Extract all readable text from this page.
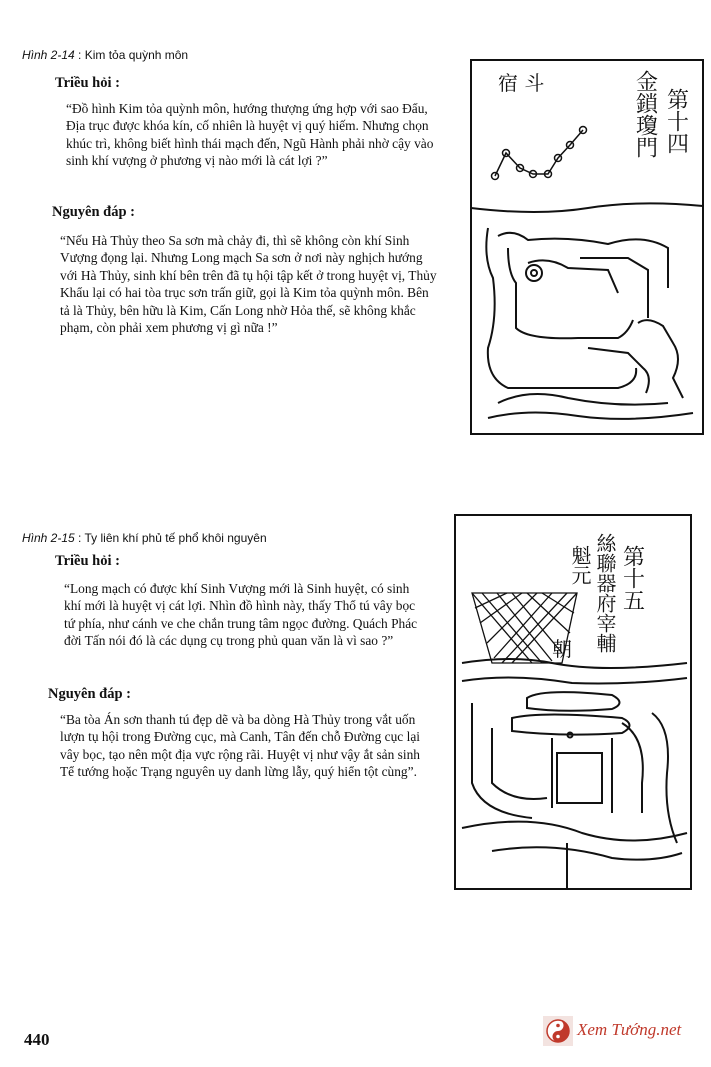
Hình 2-14 : Kim tỏa quỳnh môn
Triều hỏi :
“Đồ hình Kim tỏa quỳnh môn, hướng thượng ứng hợp với sao Đẩu, Địa trục được khóa kín, cố nhiên là huyệt vị quý hiếm. Nhưng chọn khúc trì, không biết hình thái mạch đến, Ngũ Hành phải nhờ cậy vào sinh khí vượng ở phương vị nào mới là cát lợi ?”
Nguyên đáp :
“Nếu Hà Thủy theo Sa sơn mà chảy đi, thì sẽ không còn khí Sinh Vượng đọng lại. Nhưng Long mạch Sa sơn ở nơi này nghịch hướng với Hà Thủy, sinh khí bên trên đã tụ hội tập kết ở trong huyệt vị, Thủy Khẩu lại có hai tòa trục sơn trấn giữ, gọi là Kim tỏa quỳnh môn. Bên tả là Thủy, bên hữu là Kim, Cấn Long nhờ Hỏa thế, sẽ không khắc phạm, còn phải xem phương vị gì nữa !”
宿 斗
第十四
金鎖瓊門
Hình 2-15 : Ty liên khí phủ tế phổ khôi nguyên
Triều hỏi :
“Long mạch có được khí Sinh Vượng mới là Sinh huyệt, có sinh khí mới là huyệt vị cát lợi. Nhìn đồ hình này, thấy Thổ tú vây bọc tứ phía, như cánh ve che chắn trung tâm ngọc đường. Quách Phác đời Tấn nói đó là các dụng cụ trong phủ quan văn là vì sao ?”
Nguyên đáp :
“Ba tòa Án sơn thanh tú đẹp dẽ và ba dòng Hà Thủy trong vắt uốn lượn tụ hội trong Đường cục, mà Canh, Tân đến chỗ Đường cục lại vây bọc, tạo nên một địa vực rộng rãi. Huyệt vị như vậy ắt sản sinh Tể tướng hoặc Trạng nguyên uy danh lừng lẫy, quý hiển tột cùng”.
第十五
絲聯器府宰輔
魁元
朝
440
Xem Tướng.net
